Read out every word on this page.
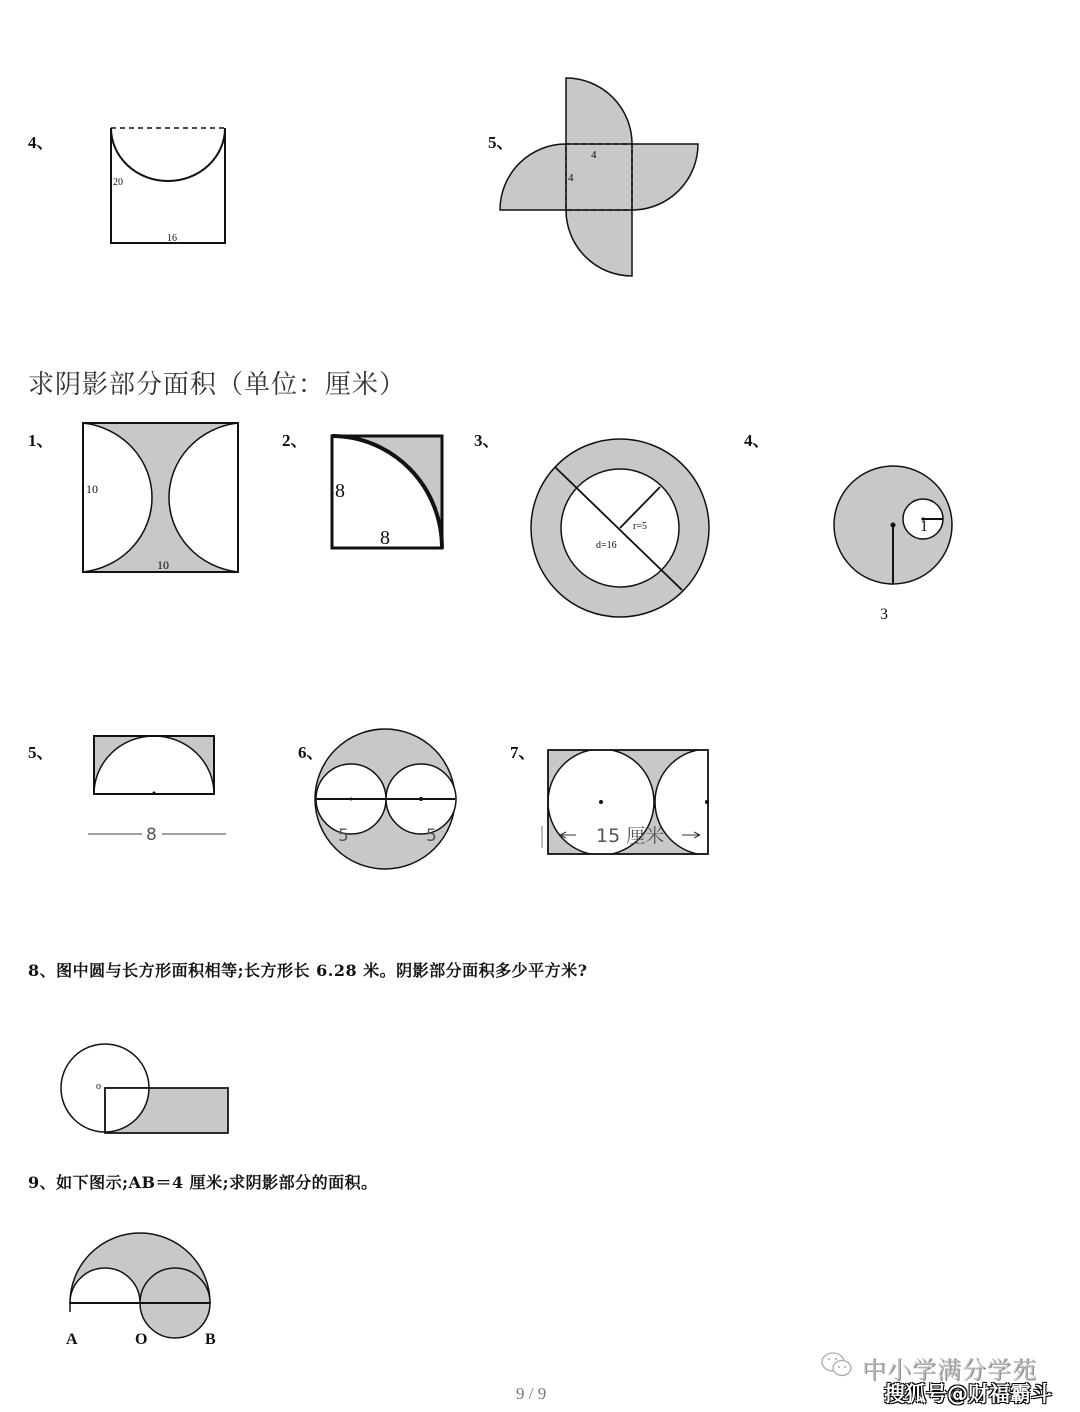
4、
20
16
5、
4
4
求阴影部分面积（单位：厘米）
1、
10
10
2、
8
8
3、
r=5
d=16
4、
1
3
5、
8
6、
5	5
7、
15 厘米
8、图中圆与长方形面积相等;长方形长 6.28 米。阴影部分面积多少平方米?
o
9、如下图示;AB＝4 厘米;求阴影部分的面积。
A	O	B
9 / 9
中小学满分学苑
搜狐号@财福霸斗
